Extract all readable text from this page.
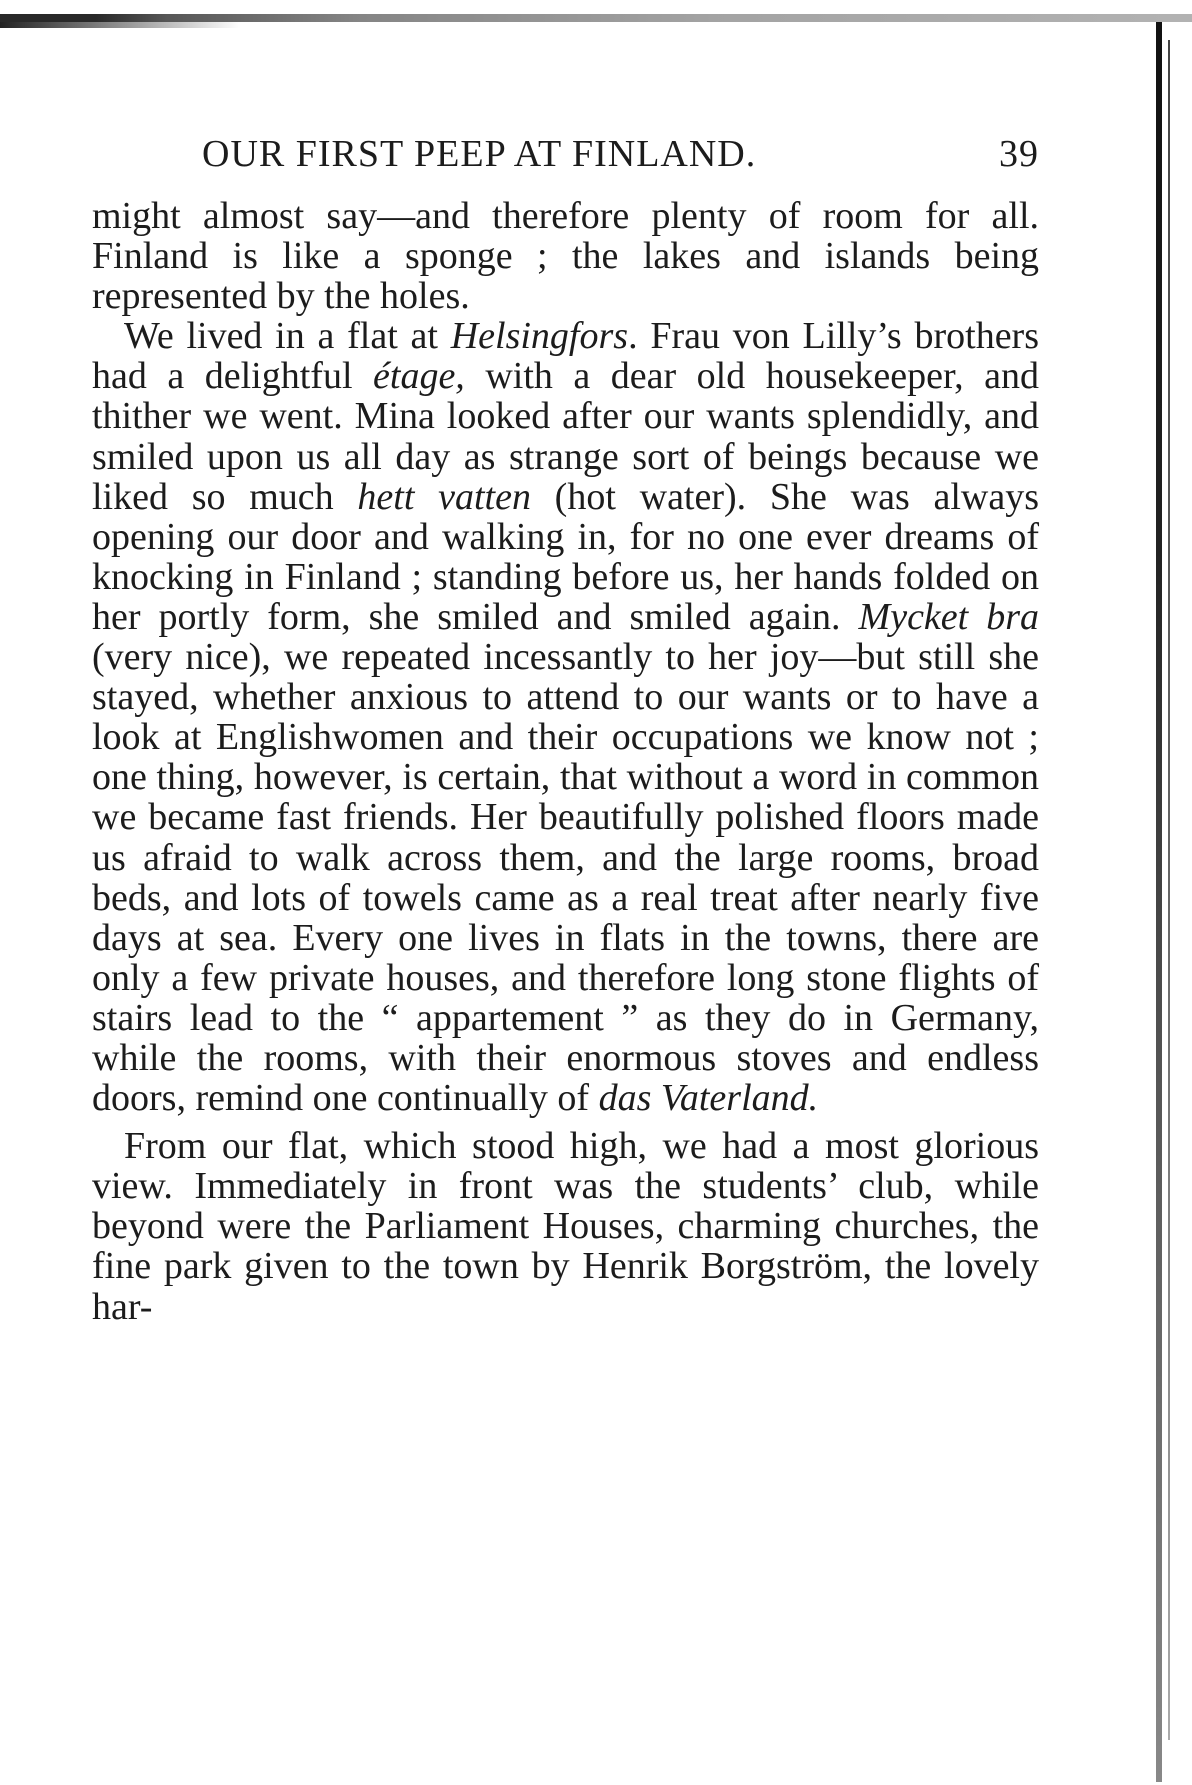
OUR FIRST PEEP AT FINLAND.	39

might almost say—and therefore plenty of room for all. Finland is like a sponge ; the lakes and islands being represented by the holes.

We lived in a flat at Helsingfors. Frau von Lilly’s brothers had a delightful étage, with a dear old housekeeper, and thither we went. Mina looked after our wants splendidly, and smiled upon us all day as strange sort of beings because we liked so much hett vatten (hot water). She was always opening our door and walking in, for no one ever dreams of knocking in Finland ; standing before us, her hands folded on her portly form, she smiled and smiled again. Mycket bra (very nice), we repeated incessantly to her joy—but still she stayed, whether anxious to attend to our wants or to have a look at Englishwomen and their occupations we know not ; one thing, however, is certain, that without a word in common we became fast friends. Her beautifully polished floors made us afraid to walk across them, and the large rooms, broad beds, and lots of towels came as a real treat after nearly five days at sea. Every one lives in flats in the towns, there are only a few private houses, and therefore long stone flights of stairs lead to the “ appartement ” as they do in Germany, while the rooms, with their enormous stoves and endless doors, remind one continually of das Vaterland.

From our flat, which stood high, we had a most glorious view. Immediately in front was the students’ club, while beyond were the Parliament Houses, charming churches, the fine park given to the town by Henrik Borgström, the lovely har-
